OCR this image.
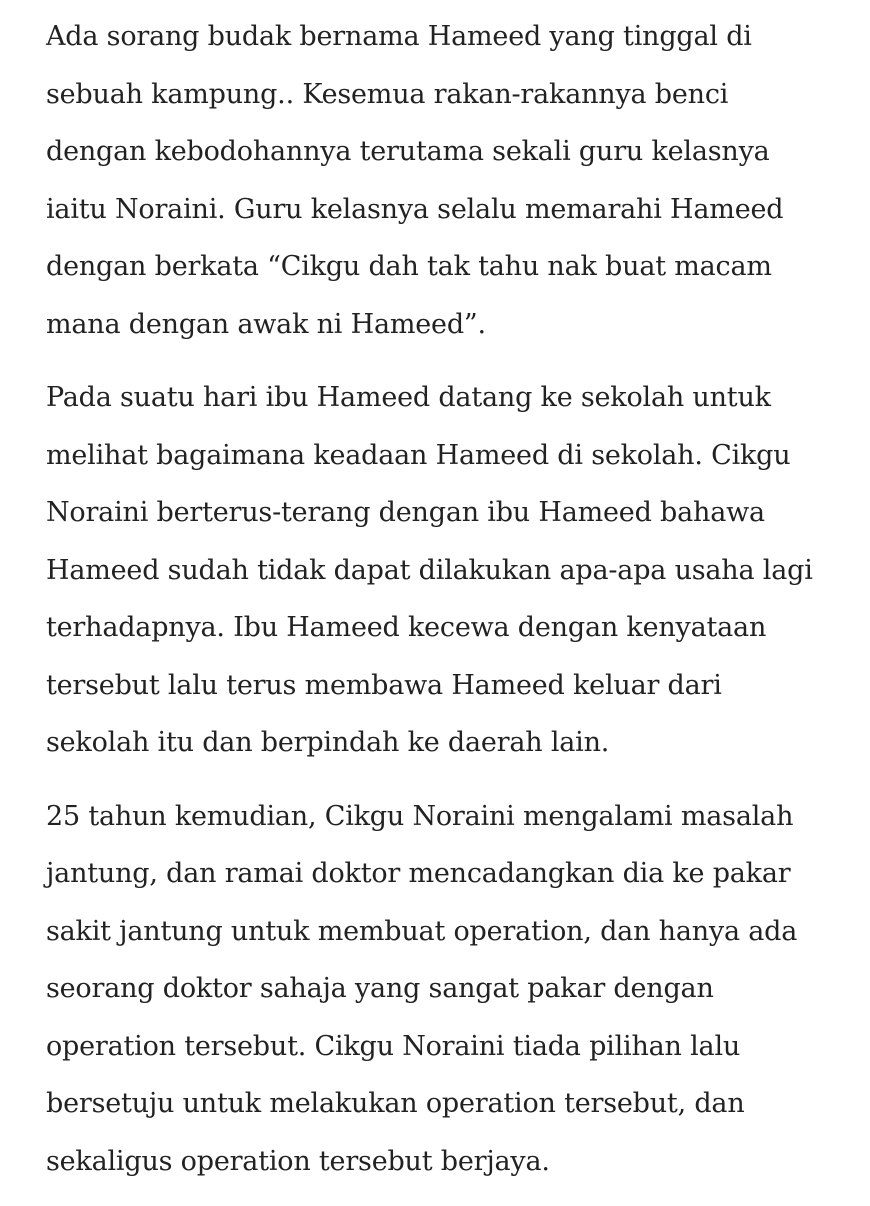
Ada sorang budak bernama Hameed yang tinggal di
sebuah kampung.. Kesemua rakan-rakannya benci
dengan kebodohannya terutama sekali guru kelasnya
iaitu Noraini. Guru kelasnya selalu memarahi Hameed
dengan berkata “Cikgu dah tak tahu nak buat macam
mana dengan awak ni Hameed”.

Pada suatu hari ibu Hameed datang ke sekolah untuk
melihat bagaimana keadaan Hameed di sekolah. Cikgu
Noraini berterus-terang dengan ibu Hameed bahawa
Hameed sudah tidak dapat dilakukan apa-apa usaha lagi
terhadapnya. Ibu Hameed kecewa dengan kenyataan
tersebut lalu terus membawa Hameed keluar dari
sekolah itu dan berpindah ke daerah lain.

25 tahun kemudian, Cikgu Noraini mengalami masalah
jantung, dan ramai doktor mencadangkan dia ke pakar
sakit jantung untuk membuat operation, dan hanya ada
seorang doktor sahaja yang sangat pakar dengan
operation tersebut. Cikgu Noraini tiada pilihan lalu
bersetuju untuk melakukan operation tersebut, dan
sekaligus operation tersebut berjaya.
